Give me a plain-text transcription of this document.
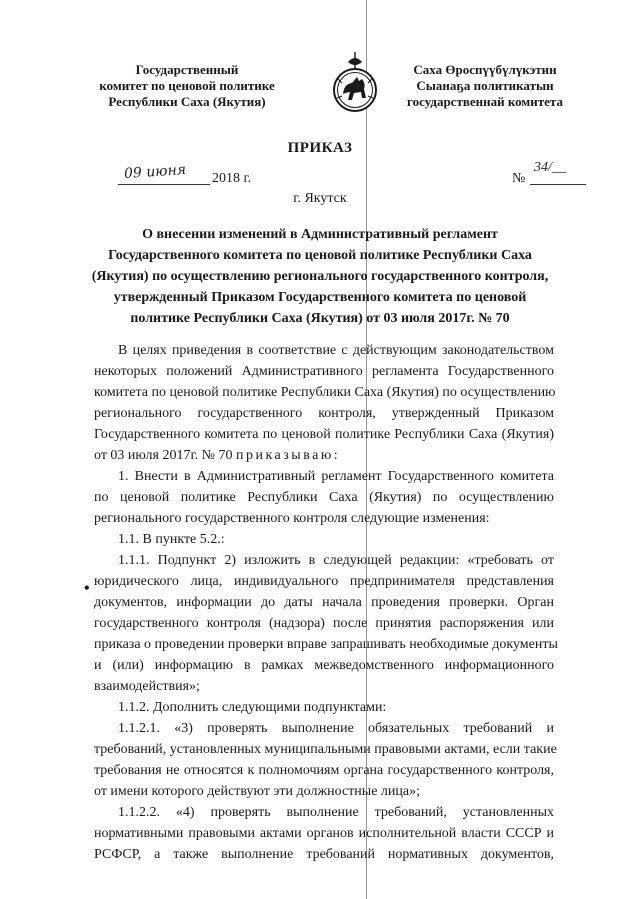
Государственный
комитет по ценовой политике
Республики Саха (Якутия)
Саха Өроспүүбүлүкэтин
Сыанаҕа политикатын
государственнай комитета
ПРИКАЗ
09 июня 2018 г.	№
34/__
г. Якутск
О внесении изменений в Административный регламент
Государственного комитета по ценовой политике Республики Саха
(Якутия) по осуществлению регионального государственного контроля,
утвержденный Приказом Государственного комитета по ценовой
политике Республики Саха (Якутия) от 03 июля 2017г. № 70
•
В целях приведения в соответствие с действующим законодательством
некоторых положений Административного регламента Государственного
комитета по ценовой политике Республики Саха (Якутия) по осуществлению
регионального государственного контроля, утвержденный Приказом
Государственного комитета по ценовой политике Республики Саха (Якутия)
от 03 июля 2017г. № 70 приказываю:
1. Внести в Административный регламент Государственного комитета
по ценовой политике Республики Саха (Якутия) по осуществлению
регионального государственного контроля следующие изменения:
1.1. В пункте 5.2.:
1.1.1. Подпункт 2) изложить в следующей редакции: «требовать от
юридического лица, индивидуального предпринимателя представления
документов, информации до даты начала проведения проверки. Орган
государственного контроля (надзора) после принятия распоряжения или
приказа о проведении проверки вправе запрашивать необходимые документы
и (или) информацию в рамках межведомственного информационного
взаимодействия»;
1.1.2. Дополнить следующими подпунктами:
1.1.2.1. «3) проверять выполнение обязательных требований и
требований, установленных муниципальными правовыми актами, если такие
требования не относятся к полномочиям органа государственного контроля,
от имени которого действуют эти должностные лица»;
1.1.2.2. «4) проверять выполнение требований, установленных
нормативными правовыми актами органов исполнительной власти СССР и
РСФСР, а также выполнение требований нормативных документов,
